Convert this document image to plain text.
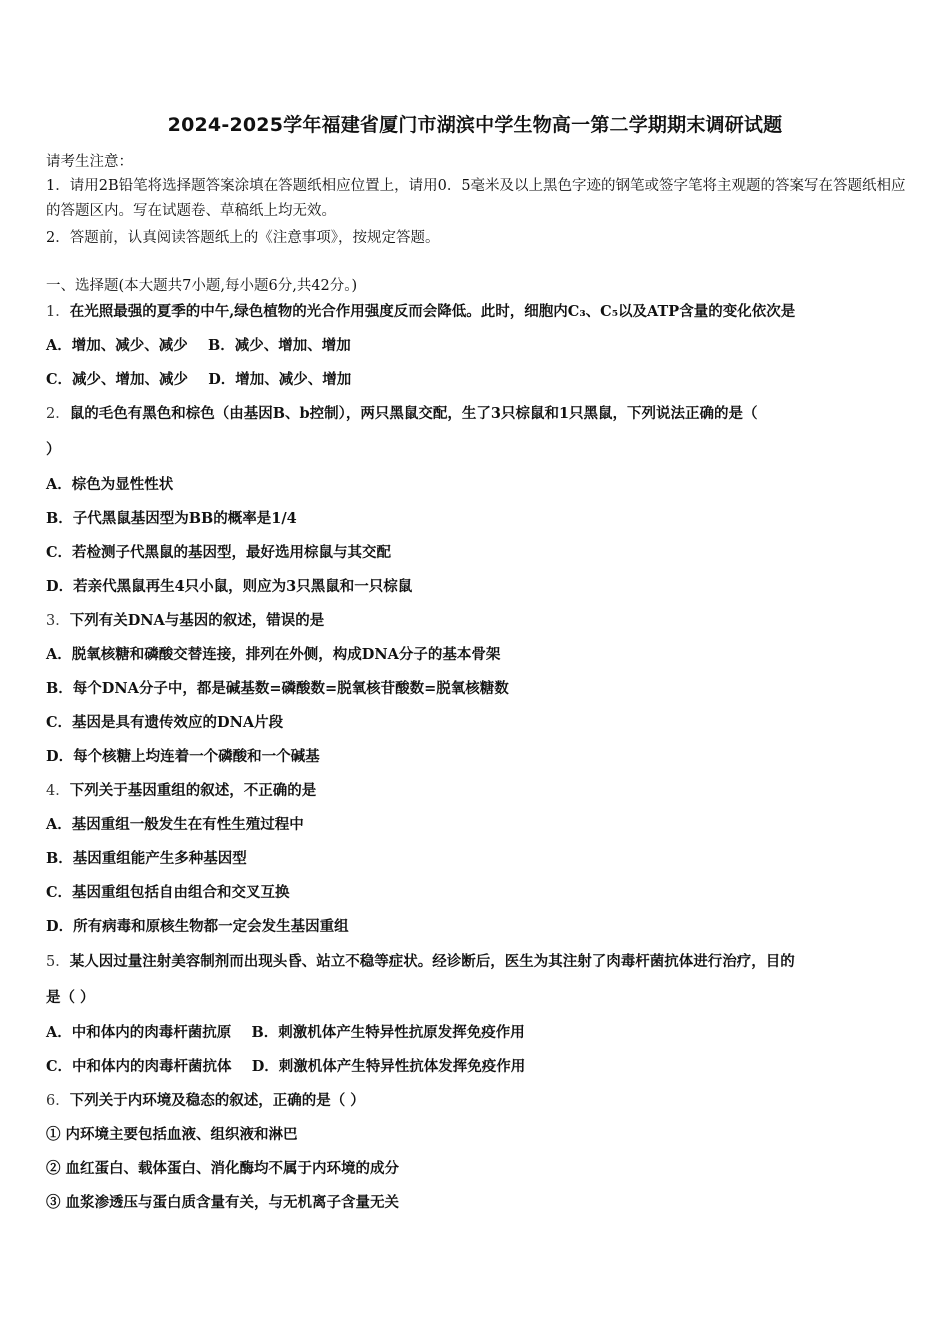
2024-2025学年福建省厦门市湖滨中学生物高一第二学期期末调研试题
请考生注意：
1．请用2B铅笔将选择题答案涂填在答题纸相应位置上，请用0．5毫米及以上黑色字迹的钢笔或签字笔将主观题的答案写在答题纸相应的答题区内。写在试题卷、草稿纸上均无效。
2．答题前，认真阅读答题纸上的《注意事项》，按规定答题。
一、选择题(本大题共7小题,每小题6分,共42分。)
1．在光照最强的夏季的中午,绿色植物的光合作用强度反而会降低。此时，细胞内C₃、C₅以及ATP含量的变化依次是
A．增加、减少、减少    B．减少、增加、增加
C．减少、增加、减少    D．增加、减少、增加
2．鼠的毛色有黑色和棕色（由基因B、b控制），两只黑鼠交配，生了3只棕鼠和1只黑鼠，下列说法正确的是（
）
A．棕色为显性性状
B．子代黑鼠基因型为BB的概率是1/4
C．若检测子代黑鼠的基因型，最好选用棕鼠与其交配
D．若亲代黑鼠再生4只小鼠，则应为3只黑鼠和一只棕鼠
3．下列有关DNA与基因的叙述，错误的是
A．脱氧核糖和磷酸交替连接，排列在外侧，构成DNA分子的基本骨架
B．每个DNA分子中，都是碱基数=磷酸数=脱氧核苷酸数=脱氧核糖数
C．基因是具有遗传效应的DNA片段
D．每个核糖上均连着一个磷酸和一个碱基
4．下列关于基因重组的叙述，不正确的是
A．基因重组一般发生在有性生殖过程中
B．基因重组能产生多种基因型
C．基因重组包括自由组合和交叉互换
D．所有病毒和原核生物都一定会发生基因重组
5．某人因过量注射美容制剂而出现头昏、站立不稳等症状。经诊断后，医生为其注射了肉毒杆菌抗体进行治疗，目的
是（ ）
A．中和体内的肉毒杆菌抗原    B．刺激机体产生特异性抗原发挥免疫作用
C．中和体内的肉毒杆菌抗体    D．刺激机体产生特异性抗体发挥免疫作用
6．下列关于内环境及稳态的叙述，正确的是（ ）
① 内环境主要包括血液、组织液和淋巴
② 血红蛋白、载体蛋白、消化酶均不属于内环境的成分
③ 血浆渗透压与蛋白质含量有关，与无机离子含量无关
